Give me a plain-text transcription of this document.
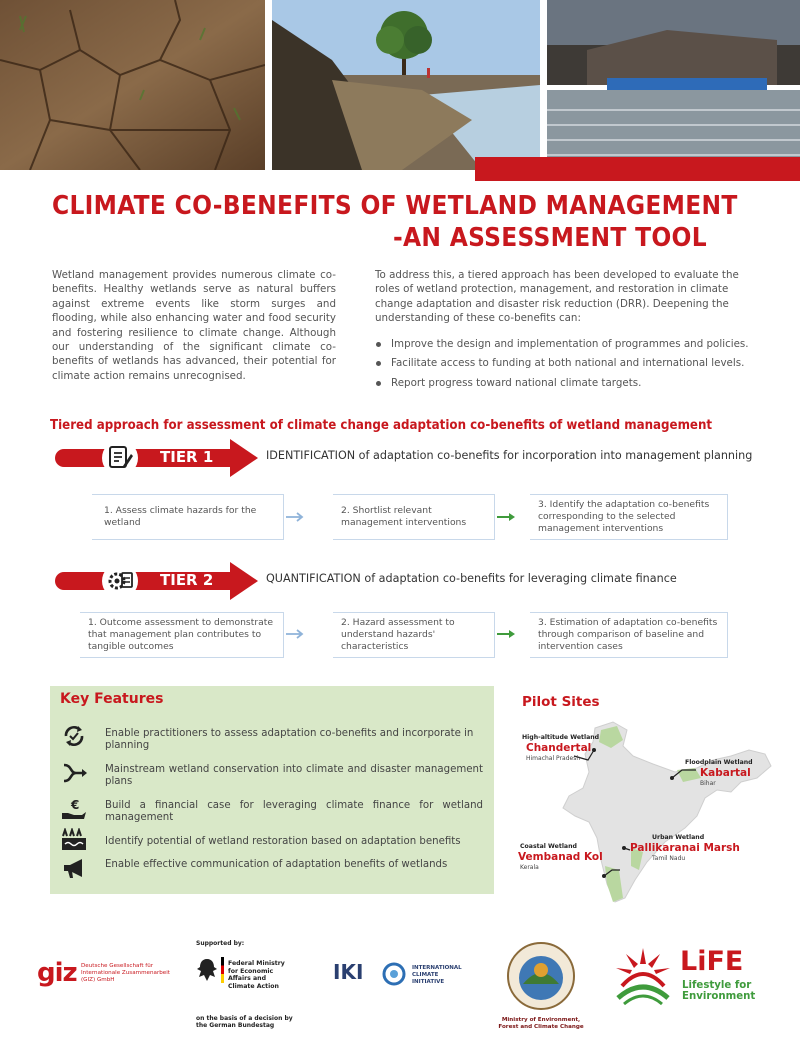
CLIMATE CO-BENEFITS OF WETLAND MANAGEMENT
-AN ASSESSMENT TOOL
Wetland management provides numerous climate co-benefits. Healthy wetlands serve as natural buffers against extreme events like storm surges and flooding, while also enhancing water and food security and fostering resilience to climate change. Although our understanding of the significant climate co-benefits of wetlands has advanced, their potential for climate action remains unrecognised.
To address this, a tiered approach has been developed to evaluate the roles of wetland protection, management, and restoration in climate change adaptation and disaster risk reduction (DRR). Deepening the understanding of these co-benefits can:
Improve the design and implementation of programmes and policies.
Facilitate access to funding at both national and international levels.
Report progress toward national climate targets.
Tiered approach for assessment of climate change adaptation co-benefits of wetland management
TIER 1	IDENTIFICATION of adaptation co-benefits for incorporation into management planning
1. Assess climate hazards for the wetland
2. Shortlist relevant management interventions
3. Identify the adaptation co-benefits corresponding to the selected management interventions
TIER 2	QUANTIFICATION of adaptation co-benefits for leveraging climate finance
1. Outcome assessment to demonstrate that management plan contributes to tangible outcomes
2. Hazard assessment to understand hazards' characteristics
3. Estimation of adaptation co-benefits through comparison of baseline and intervention cases
Key Features
Enable practitioners to assess adaptation co-benefits and incorporate in planning
Mainstream wetland conservation into climate and disaster management plans
€	Build a financial case for leveraging climate finance for wetland management
Identify potential of wetland restoration based on adaptation benefits
Enable effective communication of adaptation benefits of wetlands
Pilot Sites
High-altitude Wetland
Chandertal
Himachal Pradesh
Floodplain Wetland
Kabartal
Bihar
Urban Wetland
Pallikaranai Marsh
Tamil Nadu
Coastal Wetland
Vembanad Kol
Kerala
giz Deutsche Gesellschaft für Internationale Zusammenarbeit (GIZ) GmbH
Supported by:
Federal Ministry for Economic Affairs and Climate Action
on the basis of a decision by the German Bundestag
IKI	INTERNATIONAL CLIMATE INITIATIVE
Ministry of Environment, Forest and Climate Change
LiFE
Lifestyle for Environment
